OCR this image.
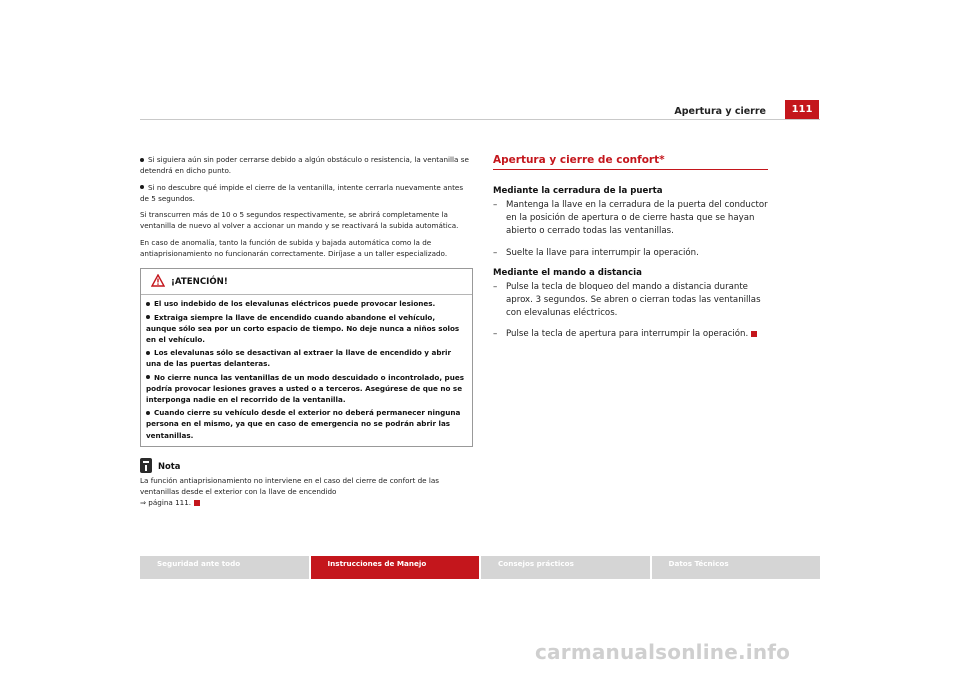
Apertura y cierre	111

Si siguiera aún sin poder cerrarse debido a algún obstáculo o resistencia, la ventanilla se detendrá en dicho punto.

Si no descubre qué impide el cierre de la ventanilla, intente cerrarla nuevamente antes de 5 segundos.

Si transcurren más de 10 o 5 segundos respectivamente, se abrirá completamente la ventanilla de nuevo al volver a accionar un mando y se reactivará la subida automática.

En caso de anomalía, tanto la función de subida y bajada automática como la de antiaprisionamiento no funcionarán correctamente. Diríjase a un taller especializado.

¡ATENCIÓN!

El uso indebido de los elevalunas eléctricos puede provocar lesiones.

Extraiga siempre la llave de encendido cuando abandone el vehículo, aunque sólo sea por un corto espacio de tiempo. No deje nunca a niños solos en el vehículo.

Los elevalunas sólo se desactivan al extraer la llave de encendido y abrir una de las puertas delanteras.

No cierre nunca las ventanillas de un modo descuidado o incontrolado, pues podría provocar lesiones graves a usted o a terceros. Asegúrese de que no se interponga nadie en el recorrido de la ventanilla.

Cuando cierre su vehículo desde el exterior no deberá permanecer ninguna persona en el mismo, ya que en caso de emergencia no se podrán abrir las ventanillas.

Nota

La función antiaprisionamiento no interviene en el caso del cierre de confort de las ventanillas desde el exterior con la llave de encendido
⇒ página 111.

Apertura y cierre de confort*

Mediante la cerradura de la puerta

–	Mantenga la llave en la cerradura de la puerta del conductor en la posición de apertura o de cierre hasta que se hayan abierto o cerrado todas las ventanillas.
–	Suelte la llave para interrumpir la operación.

Mediante el mando a distancia

–	Pulse la tecla de bloqueo del mando a distancia durante aprox. 3 segundos. Se abren o cierran todas las ventanillas con elevalunas eléctricos.
–	Pulse la tecla de apertura para interrumpir la operación.
Seguridad ante todo	Instrucciones de Manejo	Consejos prácticos	Datos Técnicos
carmanualsonline.info
